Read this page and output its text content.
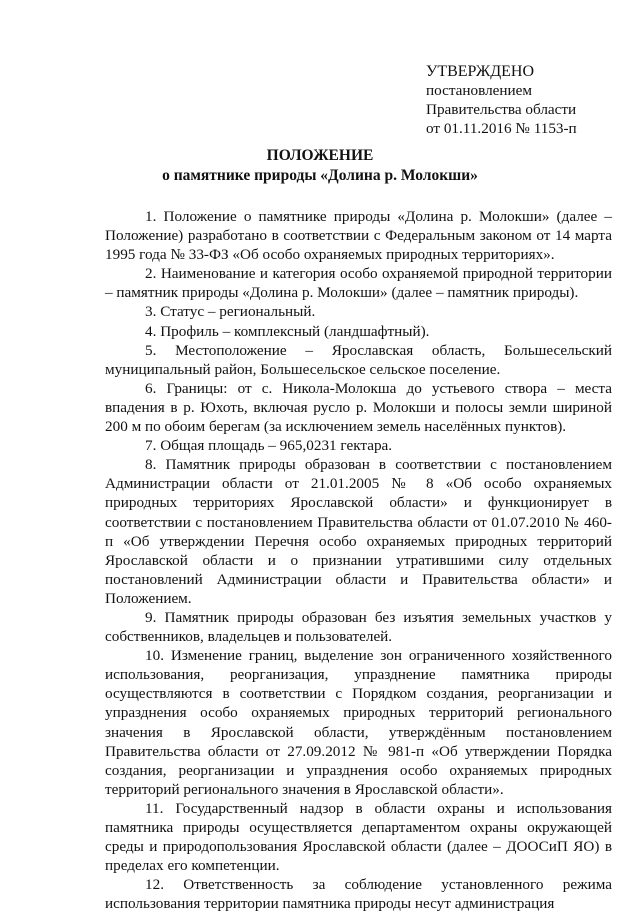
УТВЕРЖДЕНО
постановлением
Правительства области
от 01.11.2016 № 1153-п
ПОЛОЖЕНИЕ
о памятнике природы «Долина р. Молокши»

1. Положение о памятнике природы «Долина р. Молокши» (далее – Положение) разработано в соответствии с Федеральным законом от 14 марта 1995 года № 33-ФЗ «Об особо охраняемых природных территориях».

2. Наименование и категория особо охраняемой природной территории – памятник природы «Долина р. Молокши» (далее – памятник природы).

3. Статус – региональный.

4. Профиль – комплексный (ландшафтный).

5. Местоположение – Ярославская область, Большесельский муниципальный район, Большесельское сельское поселение.

6. Границы: от с. Никола-Молокша до устьевого створа – места впадения в р. Юхоть, включая русло р. Молокши и полосы земли шириной 200 м по обоим берегам (за исключением земель населённых пунктов).

7. Общая площадь – 965,0231 гектара.

8. Памятник природы образован в соответствии с постановлением Администрации области от 21.01.2005 № 8 «Об особо охраняемых природных территориях Ярославской области» и функционирует в соответствии с постановлением Правительства области от 01.07.2010 № 460-п «Об утверждении Перечня особо охраняемых природных территорий Ярославской области и о признании утратившими силу отдельных постановлений Администрации области и Правительства области» и Положением.

9. Памятник природы образован без изъятия земельных участков у собственников, владельцев и пользователей.

10. Изменение границ, выделение зон ограниченного хозяйственного использования, реорганизация, упразднение памятника природы осуществляются в соответствии с Порядком создания, реорганизации и упразднения особо охраняемых природных территорий регионального значения в Ярославской области, утверждённым постановлением Правительства области от 27.09.2012 № 981-п «Об утверждении Порядка создания, реорганизации и упразднения особо охраняемых природных территорий регионального значения в Ярославской области».

11. Государственный надзор в области охраны и использования памятника природы осуществляется департаментом охраны окружающей среды и природопользования Ярославской области (далее – ДООСиП ЯО) в пределах его компетенции.

12. Ответственность за соблюдение установленного режима использования территории памятника природы несут администрация
